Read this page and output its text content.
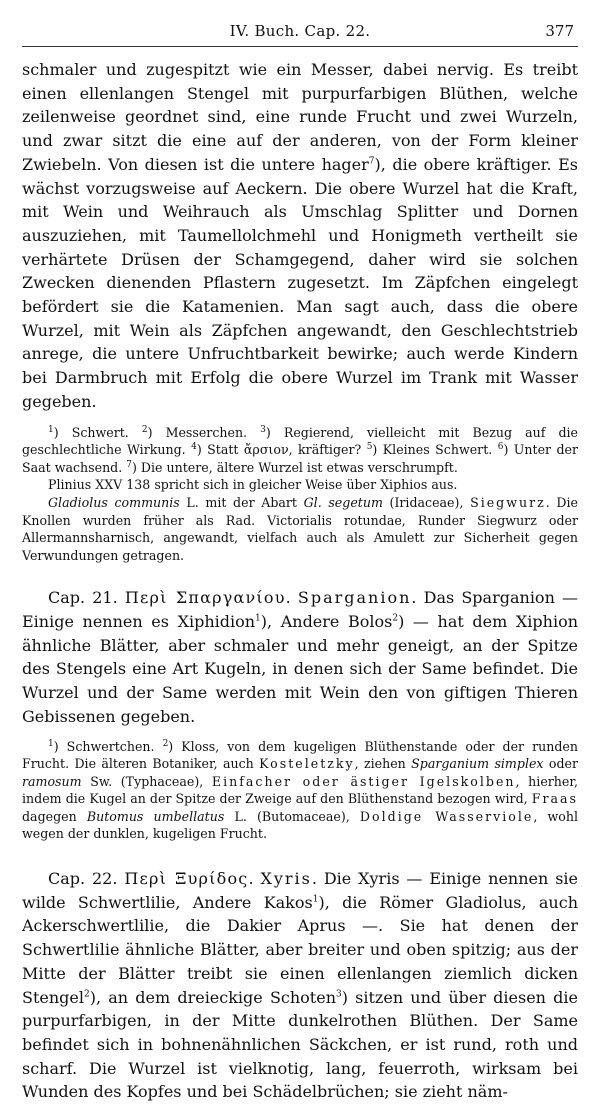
IV. Buch. Cap. 22.	377

schmaler und zugespitzt wie ein Messer, dabei nervig. Es treibt einen ellenlangen Stengel mit purpurfarbigen Blüthen, welche zeilenweise geordnet sind, eine runde Frucht und zwei Wurzeln, und zwar sitzt die eine auf der anderen, von der Form kleiner Zwiebeln. Von diesen ist die untere hager$^7$), die obere kräftiger. Es wächst vorzugsweise auf Aeckern. Die obere Wurzel hat die Kraft, mit Wein und Weihrauch als Umschlag Splitter und Dornen auszuziehen, mit Taumellolchmehl und Honigmeth vertheilt sie verhärtete Drüsen der Schamgegend, daher wird sie solchen Zwecken dienenden Pflastern zugesetzt. Im Zäpfchen eingelegt befördert sie die Katamenien. Man sagt auch, dass die obere Wurzel, mit Wein als Zäpfchen angewandt, den Geschlechtstrieb anrege, die untere Unfruchtbarkeit bewirke; auch werde Kindern bei Darmbruch mit Erfolg die obere Wurzel im Trank mit Wasser gegeben.

$^1$) Schwert. $^2$) Messerchen. $^3$) Regierend, vielleicht mit Bezug auf die geschlechtliche Wirkung. $^4$) Statt ἄρσιον, kräftiger? $^5$) Kleines Schwert. $^6$) Unter der Saat wachsend. $^7$) Die untere, ältere Wurzel ist etwas verschrumpft.

Plinius XXV 138 spricht sich in gleicher Weise über Xiphios aus.

Gladiolus communis L. mit der Abart Gl. segetum (Iridaceae), Siegwurz. Die Knollen wurden früher als Rad. Victorialis rotundae, Runder Siegwurz oder Allermannsharnisch, angewandt, vielfach auch als Amulett zur Sicherheit gegen Verwundungen getragen.

Cap. 21. Περὶ Σπαργανίου. Sparganion. Das Sparganion — Einige nennen es Xiphidion$^1$), Andere Bolos$^2$) — hat dem Xiphion ähnliche Blätter, aber schmaler und mehr geneigt, an der Spitze des Stengels eine Art Kugeln, in denen sich der Same befindet. Die Wurzel und der Same werden mit Wein den von giftigen Thieren Gebissenen gegeben.

$^1$) Schwertchen. $^2$) Kloss, von dem kugeligen Blüthenstande oder der runden Frucht. Die älteren Botaniker, auch Kosteletzky, ziehen Sparganium simplex oder ramosum Sw. (Typhaceae), Einfacher oder ästiger Igelskolben, hierher, indem die Kugel an der Spitze der Zweige auf den Blüthenstand bezogen wird, Fraas dagegen Butomus umbellatus L. (Butomaceae), Doldige Wasserviole, wohl wegen der dunklen, kugeligen Frucht.

Cap. 22. Περὶ Ξυρίδος. Xyris. Die Xyris — Einige nennen sie wilde Schwertlilie, Andere Kakos$^1$), die Römer Gladiolus, auch Ackerschwertlilie, die Dakier Aprus —. Sie hat denen der Schwertlilie ähnliche Blätter, aber breiter und oben spitzig; aus der Mitte der Blätter treibt sie einen ellenlangen ziemlich dicken Stengel$^2$), an dem dreieckige Schoten$^3$) sitzen und über diesen die purpurfarbigen, in der Mitte dunkelrothen Blüthen. Der Same befindet sich in bohnenähnlichen Säckchen, er ist rund, roth und scharf. Die Wurzel ist vielknotig, lang, feuerroth, wirksam bei Wunden des Kopfes und bei Schädelbrüchen; sie zieht näm-
